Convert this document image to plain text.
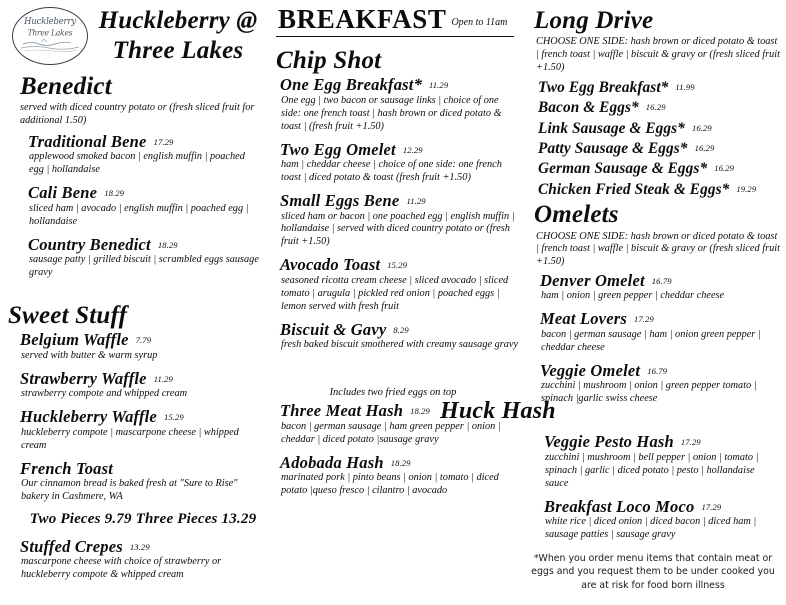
Huckleberry
Three Lakes	Huckleberry @
Three Lakes
Benedict
served with diced country potato or (fresh sliced fruit for additional 1.50)
Traditional Bene 17.29
applewood smoked bacon | english muffin | poached egg | hollandaise
Cali Bene 18.29
sliced ham | avocado | english muffin | poached egg | hollandaise
Country Benedict 18.29
sausage patty | grilled biscuit | scrambled eggs sausage gravy
Sweet Stuff
Belgium Waffle 7.79
served with butter & warm syrup
Strawberry Waffle 11.29
strawberry compote and whipped cream
Huckleberry Waffle 15.29
huckleberry compote | mascarpone cheese | whipped cream
French Toast
Our cinnamon bread is baked fresh at "Sure to Rise" bakery in Cashmere, WA
Two Pieces 9.79 Three Pieces 13.29
Stuffed Crepes 13.29
mascarpone cheese with choice of strawberry or huckleberry compote & whipped cream
BREAKFAST Open to 11am
Chip Shot
One Egg Breakfast* 11.29
One egg | two bacon or sausage links | choice of one side: one french toast | hash brown or diced potato & toast | (fresh fruit +1.50)
Two Egg Omelet 12.29
ham | cheddar cheese | choice of one side: one french toast | diced potato & toast (fresh fruit +1.50)
Small Eggs Bene 11.29
sliced ham or bacon | one poached egg | english muffin | hollandaise | served with diced country potato or (fresh fruit +1.50)
Avocado Toast 15.29
seasoned ricotta cream cheese | sliced avocado | sliced tomato | arugula | pickled red onion | poached eggs | lemon served with fresh fruit
Biscuit & Gavy 8.29
fresh baked biscuit smothered with creamy sausage gravy
Includes two fried eggs on top
Three Meat Hash 18.29
bacon | german sausage | ham green pepper | onion | cheddar | diced potato |sausage gravy
Adobada Hash 18.29
marinated pork | pinto beans | onion | tomato | diced potato |queso fresco | cilantro | avocado
Long Drive
CHOOSE ONE SIDE: hash brown or diced potato & toast | french toast | waffle | biscuit & gravy or (fresh sliced fruit +1.50)
Two Egg Breakfast* 11.99
Bacon & Eggs* 16.29
Link Sausage & Eggs* 16.29
Patty Sausage & Eggs* 16.29
German Sausage & Eggs* 16.29
Chicken Fried Steak & Eggs* 19.29
Omelets
CHOOSE ONE SIDE: hash brown or diced potato & toast | french toast | waffle | biscuit & gravy or (fresh sliced fruit +1.50)
Denver Omelet 16.79
ham | onion | green pepper | cheddar cheese
Meat Lovers 17.29
bacon | german sausage | ham | onion green pepper | cheddar cheese
Veggie Omelet 16.79
zucchini | mushroom | onion | green pepper tomato | spinach |garlic swiss cheese
Veggie Pesto Hash 17.29
zucchini | mushroom | bell pepper | onion | tomato | spinach | garlic | diced potato | pesto | hollandaise sauce
Breakfast Loco Moco 17.29
white rice | diced onion | diced bacon | diced ham | sausage patties | sausage gravy
*When you order menu items that contain meat or eggs and you request them to be under cooked you are at risk for food born illness
Huck Hash
